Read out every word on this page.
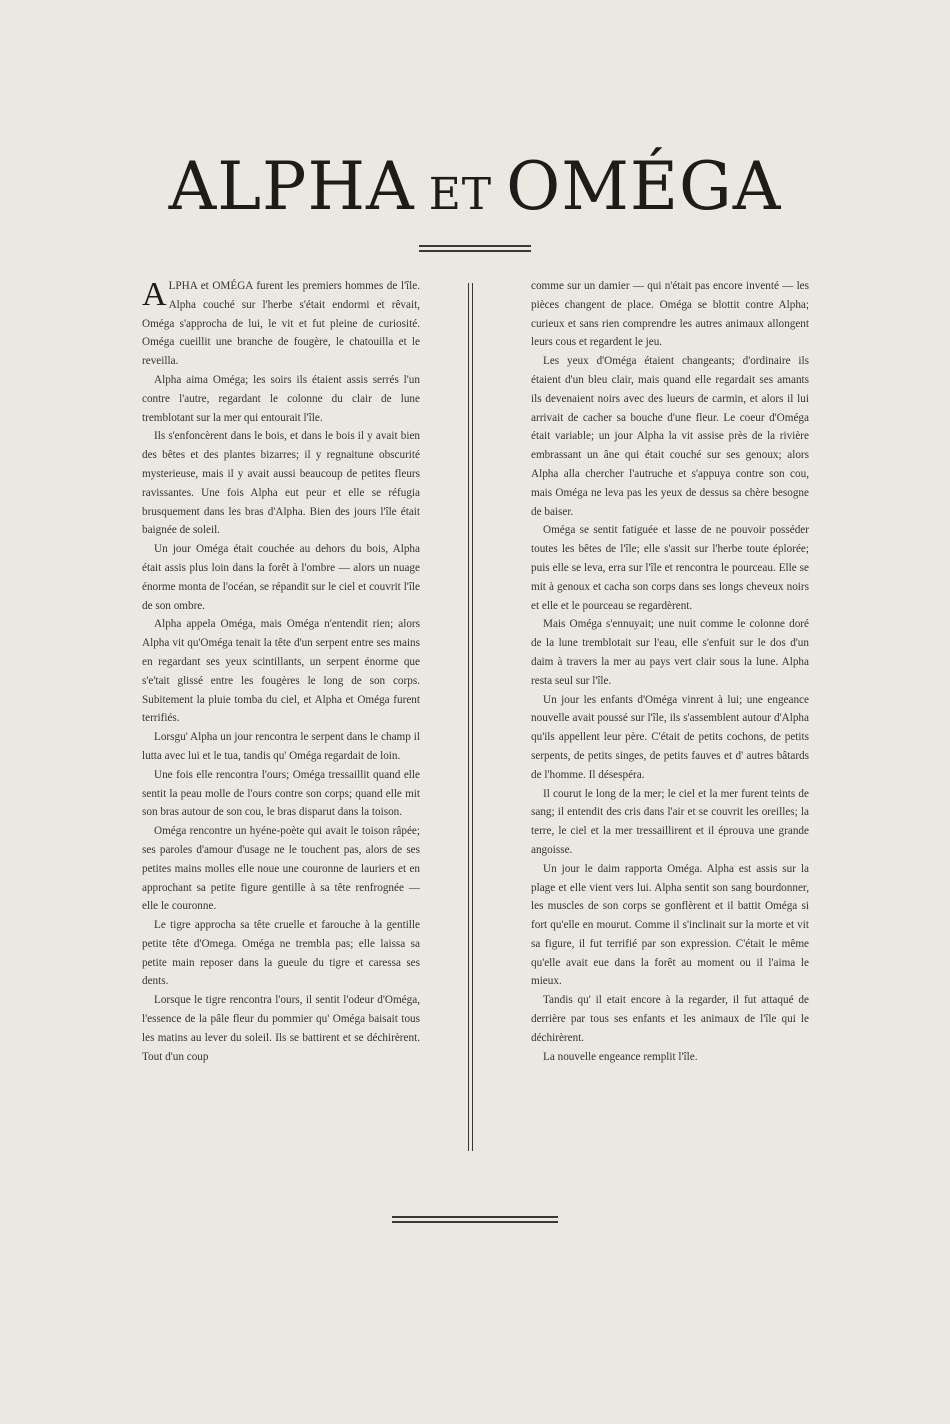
ALPHA ET OMÉGA

ALPHA et OMÉGA furent les premiers hommes de l'île. Alpha couché sur l'herbe s'était endormi et rêvait, Oméga s'approcha de lui, le vit et fut pleine de curiosité. Oméga cueillit une branche de fougère, le chatouilla et le reveilla.

Alpha aima Oméga; les soirs ils étaient assis serrés l'un contre l'autre, regardant le colonne du clair de lune tremblotant sur la mer qui entourait l'île.

Ils s'enfoncèrent dans le bois, et dans le bois il y avait bien des bêtes et des plantes bizarres; il y regnaitune obscurité mysterieuse, mais il y avait aussi beaucoup de petites fleurs ravissantes. Une fois Alpha eut peur et elle se réfugia brusquement dans les bras d'Alpha. Bien des jours l'île était baignée de soleil.

Un jour Oméga était couchée au dehors du bois, Alpha était assis plus loin dans la forêt à l'ombre — alors un nuage énorme monta de l'océan, se répandit sur le ciel et couvrit l'île de son ombre.

Alpha appela Oméga, mais Oméga n'entendit rien; alors Alpha vit qu'Oméga tenait la tête d'un serpent entre ses mains en regardant ses yeux scintillants, un serpent énorme que s'e'tait glissé entre les fougères le long de son corps. Subitement la pluie tomba du ciel, et Alpha et Oméga furent terrifiés.

Lorsgu' Alpha un jour rencontra le serpent dans le champ il lutta avec lui et le tua, tandis qu' Oméga regardait de loin.

Une fois elle rencontra l'ours; Oméga tressaillit quand elle sentit la peau molle de l'ours contre son corps; quand elle mit son bras autour de son cou, le bras disparut dans la toison.

Oméga rencontre un hyéne-poète qui avait le toison râpée; ses paroles d'amour d'usage ne le touchent pas, alors de ses petites mains molles elle noue une couronne de lauriers et en approchant sa petite figure gentille à sa tête renfrognée — elle le couronne.

Le tigre approcha sa tête cruelle et farouche à la gentille petite tête d'Omega. Oméga ne trembla pas; elle laissa sa petite main reposer dans la gueule du tigre et caressa ses dents.

Lorsque le tigre rencontra l'ours, il sentit l'odeur d'Oméga, l'essence de la pâle fleur du pommier qu' Oméga baisait tous les matins au lever du soleil. Ils se battirent et se déchirèrent. Tout d'un coup

comme sur un damier — qui n'était pas encore inventé — les pièces changent de place. Oméga se blottit contre Alpha; curieux et sans rien comprendre les autres animaux allongent leurs cous et regardent le jeu.

Les yeux d'Oméga étaient changeants; d'ordinaire ils étaient d'un bleu clair, mais quand elle regardait ses amants ils devenaient noirs avec des lueurs de carmin, et alors il lui arrivait de cacher sa bouche d'une fleur. Le coeur d'Oméga était variable; un jour Alpha la vit assise près de la rivière embrassant un âne qui était couché sur ses genoux; alors Alpha alla chercher l'autruche et s'appuya contre son cou, mais Oméga ne leva pas les yeux de dessus sa chère besogne de baiser.

Oméga se sentit fatiguée et lasse de ne pouvoir posséder toutes les bêtes de l'île; elle s'assit sur l'herbe toute éplorée; puis elle se leva, erra sur l'île et rencontra le pourceau. Elle se mit à genoux et cacha son corps dans ses longs cheveux noirs et elle et le pourceau se regardèrent.

Mais Oméga s'ennuyait; une nuit comme le colonne doré de la lune tremblotait sur l'eau, elle s'enfuit sur le dos d'un daim à travers la mer au pays vert clair sous la lune. Alpha resta seul sur l'île.

Un jour les enfants d'Oméga vinrent à lui; une engeance nouvelle avait poussé sur l'île, ils s'assemblent autour d'Alpha qu'ils appellent leur père. C'était de petits cochons, de petits serpents, de petits singes, de petits fauves et d' autres bâtards de l'homme. Il désespéra.

Il courut le long de la mer; le ciel et la mer furent teints de sang; il entendit des cris dans l'air et se couvrit les oreilles; la terre, le ciel et la mer tressaillirent et il éprouva une grande angoisse.

Un jour le daim rapporta Oméga. Alpha est assis sur la plage et elle vient vers lui. Alpha sentit son sang bourdonner, les muscles de son corps se gonflèrent et il battit Oméga si fort qu'elle en mourut. Comme il s'inclinait sur la morte et vit sa figure, il fut terrifié par son expression. C'était le même qu'elle avait eue dans la forêt au moment ou il l'aima le mieux.

Tandis qu' il etait encore à la regarder, il fut attaqué de derrière par tous ses enfants et les animaux de l'île qui le déchirèrent.

La nouvelle engeance remplit l'île.
